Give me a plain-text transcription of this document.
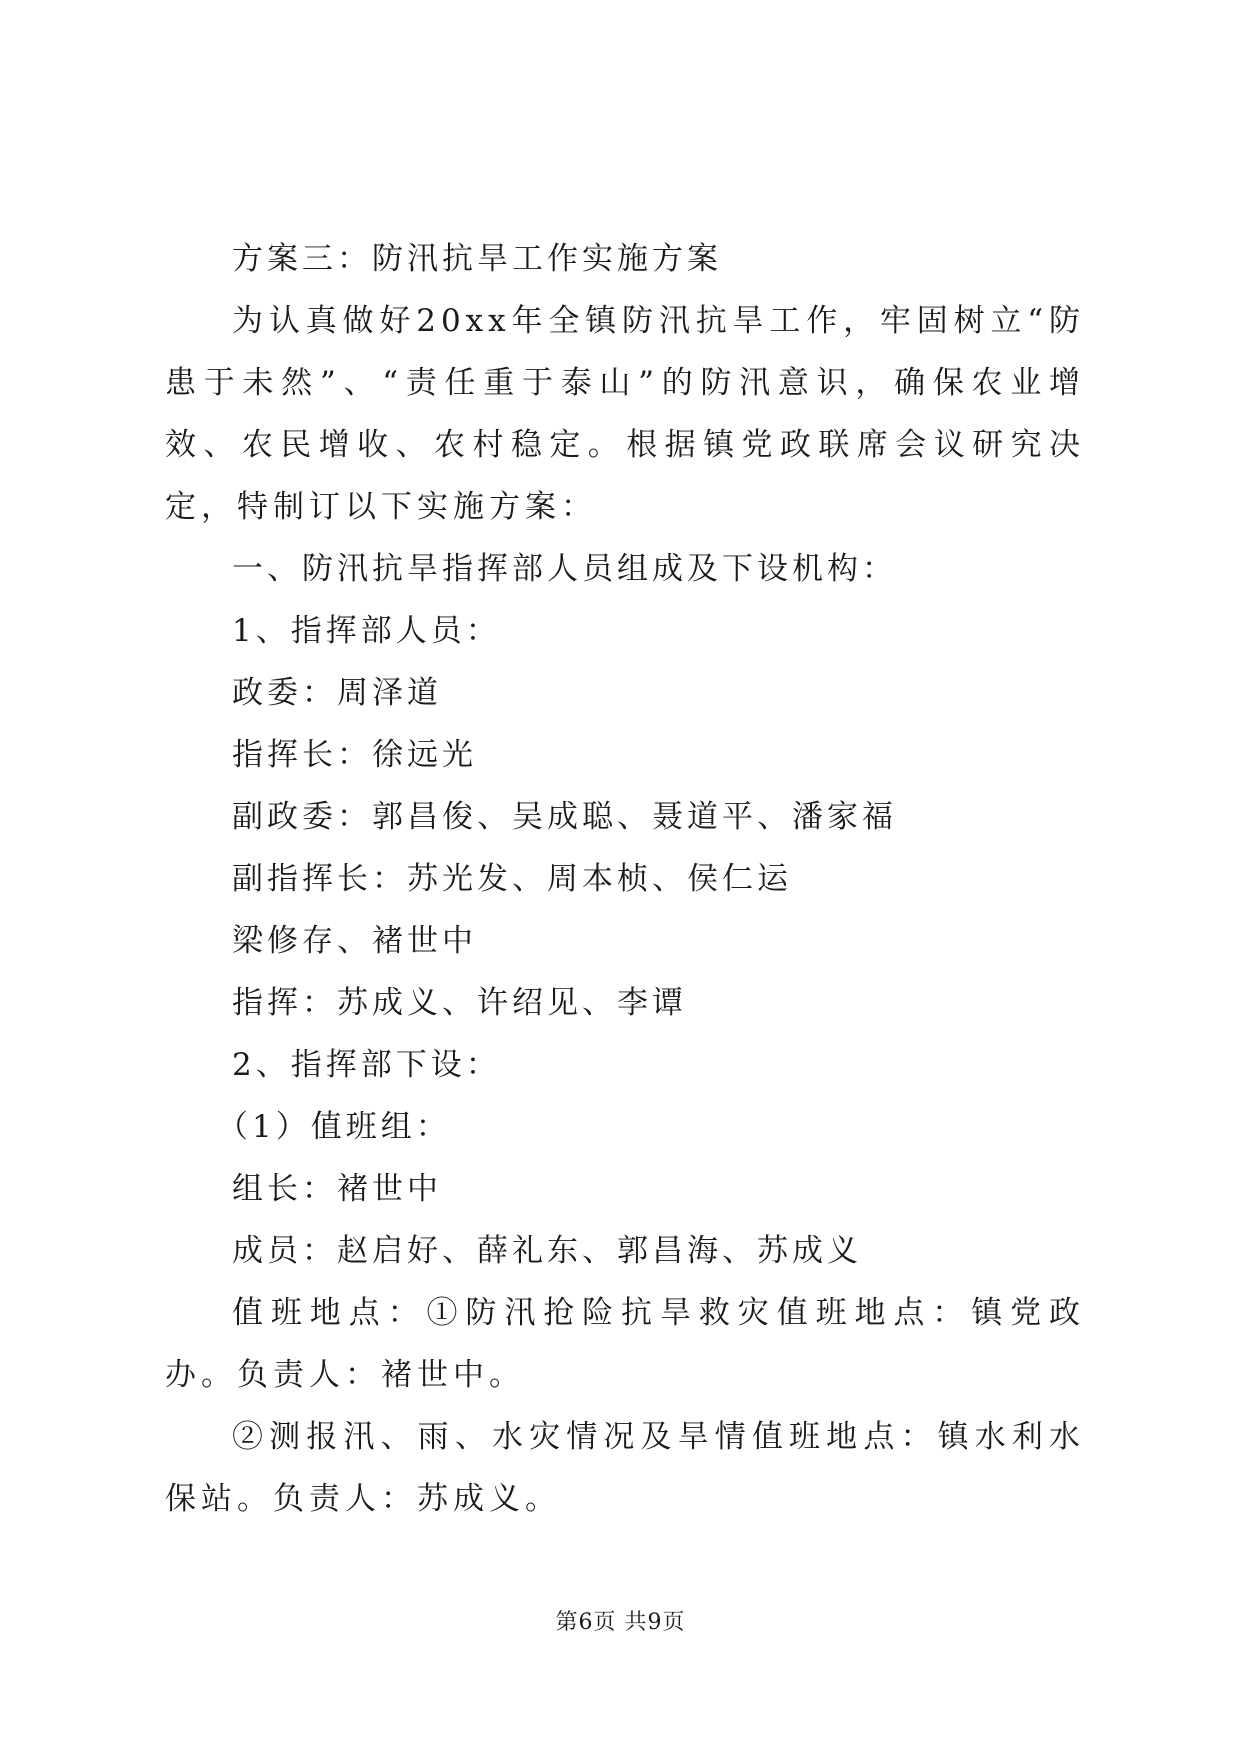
方案三：防汛抗旱工作实施方案
为认真做好20xx年全镇防汛抗旱工作，牢固树立“防患于未然”、“责任重于泰山”的防汛意识，确保农业增效、农民增收、农村稳定。根据镇党政联席会议研究决定，特制订以下实施方案：
一、防汛抗旱指挥部人员组成及下设机构：
1、指挥部人员：
政委：周泽道
指挥长：徐远光
副政委：郭昌俊、吴成聪、聂道平、潘家福
副指挥长：苏光发、周本桢、侯仁运
梁修存、褚世中
指挥：苏成义、许绍见、李谭
2、指挥部下设：
（1）值班组：
组长：褚世中
成员：赵启好、薛礼东、郭昌海、苏成义
值班地点：①防汛抢险抗旱救灾值班地点：镇党政办。负责人：褚世中。
②测报汛、雨、水灾情况及旱情值班地点：镇水利水保站。负责人：苏成义。
第6页 共9页
